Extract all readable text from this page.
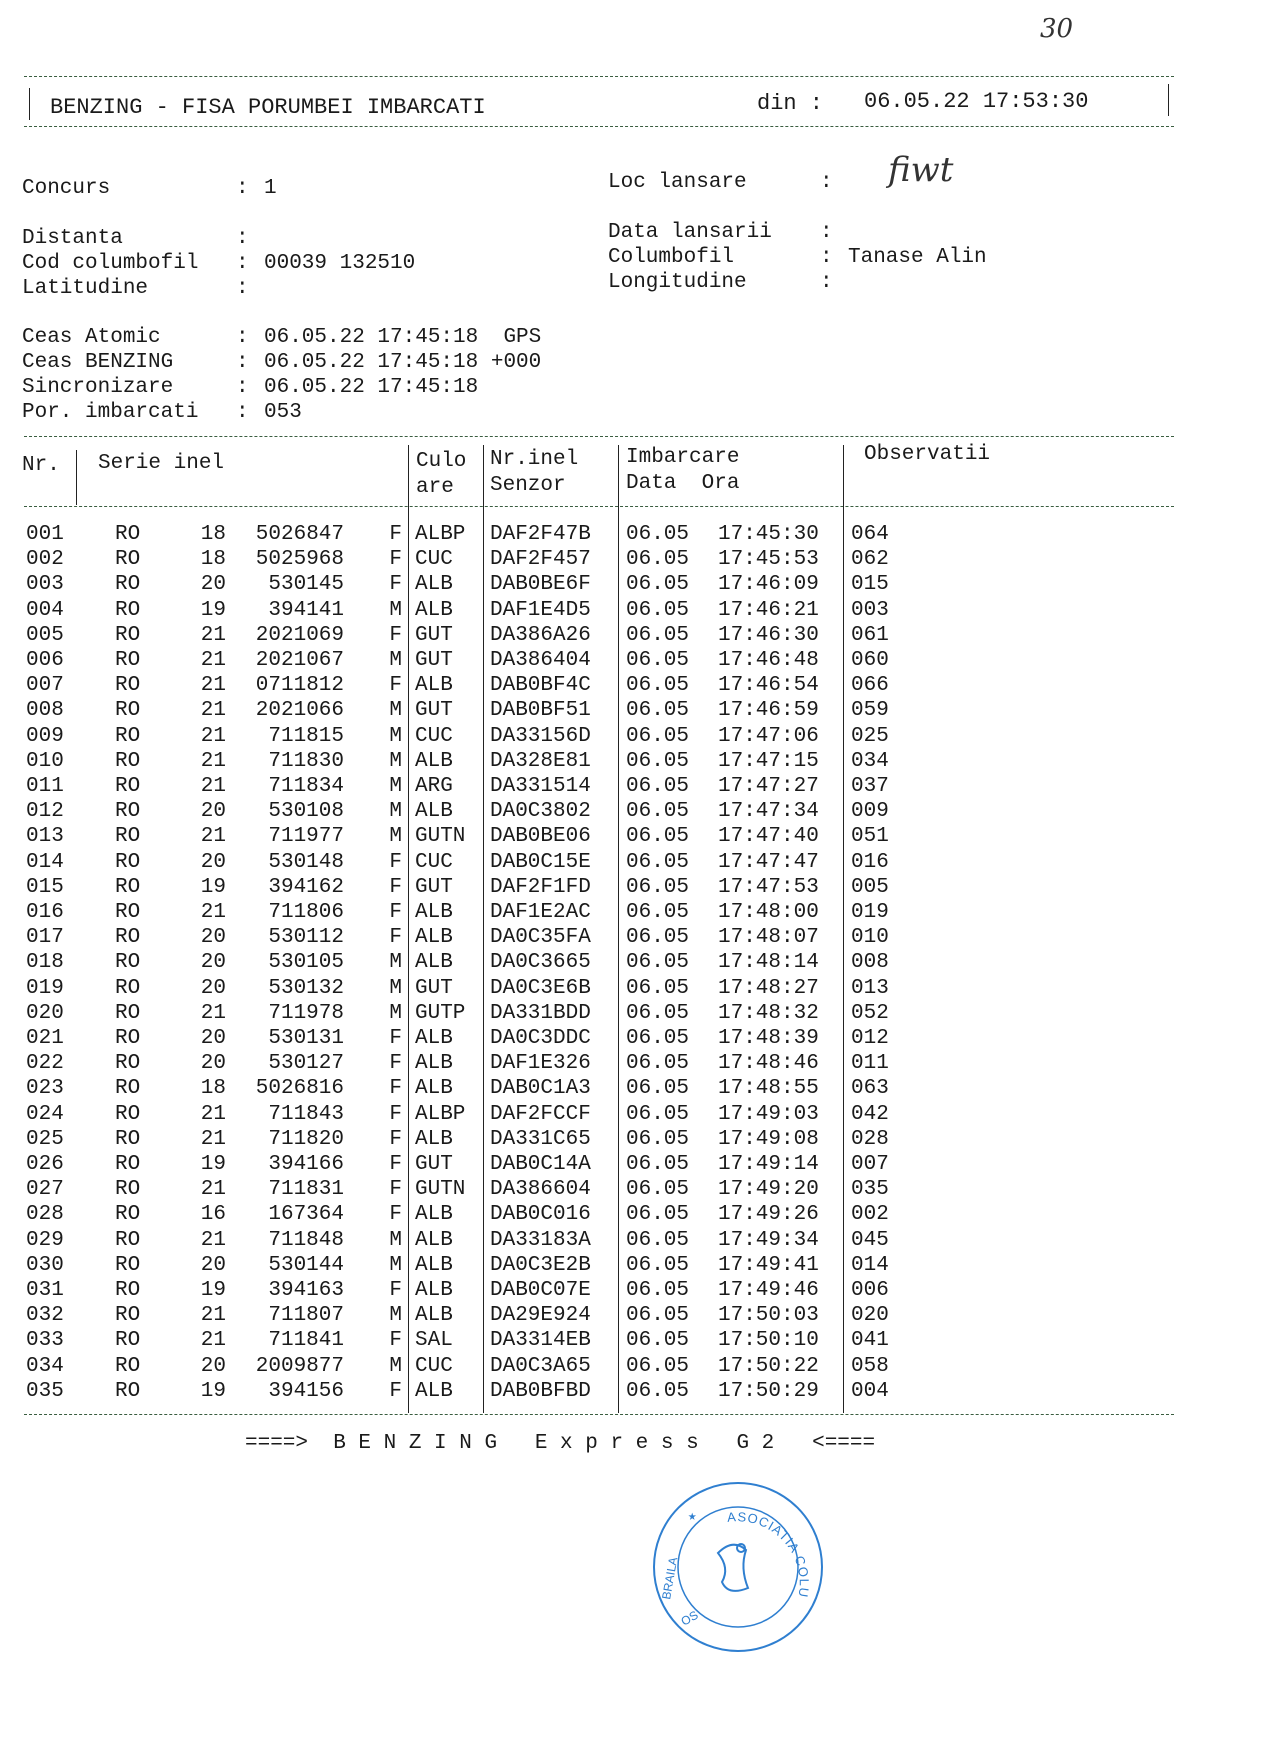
30
BENZING - FISA PORUMBEI IMBARCATI	din : 06.05.22 17:53:30
Concurs	: 1
Distanta	:
Cod columbofil : 00039 132510
Latitudine	:
Ceas Atomic	: 06.05.22 17:45:18  GPS
Ceas BENZING	: 06.05.22 17:45:18 +000
Sincronizare	: 06.05.22 17:45:18
Por. imbarcati : 053
Loc lansare	:
Data lansarii :
Columbofil	: Tanase Alin
Longitudine	:
fiwt
Nr. Serie inel	Culo
are
Nr.inel
Senzor
Imbarcare
Data  Ora
Observatii
001 RO	18	5026847	F ALBP DAF2F47B 06.05 17:45:30 064
002 RO	18	5025968	F CUC DAF2F457 06.05 17:45:53 062
003 RO	20	530145	F ALB DAB0BE6F 06.05 17:46:09 015
004 RO	19	394141	M ALB DAF1E4D5 06.05 17:46:21 003
005 RO	21	2021069	F GUT DA386A26 06.05 17:46:30 061
006 RO	21	2021067	M GUT DA386404 06.05 17:46:48 060
007 RO	21	0711812	F ALB DAB0BF4C 06.05 17:46:54 066
008 RO	21	2021066	M GUT DAB0BF51 06.05 17:46:59 059
009 RO	21	711815	M CUC DA33156D 06.05 17:47:06 025
010 RO	21	711830	M ALB DA328E81 06.05 17:47:15 034
011 RO	21	711834	M ARG DA331514 06.05 17:47:27 037
012 RO	20	530108	M ALB DA0C3802 06.05 17:47:34 009
013 RO	21	711977	M GUTN DAB0BE06 06.05 17:47:40 051
014 RO	20	530148	F CUC DAB0C15E 06.05 17:47:47 016
015 RO	19	394162	F GUT DAF2F1FD 06.05 17:47:53 005
016 RO	21	711806	F ALB DAF1E2AC 06.05 17:48:00 019
017 RO	20	530112	F ALB DA0C35FA 06.05 17:48:07 010
018 RO	20	530105	M ALB DA0C3665 06.05 17:48:14 008
019 RO	20	530132	M GUT DA0C3E6B 06.05 17:48:27 013
020 RO	21	711978	M GUTP DA331BDD 06.05 17:48:32 052
021 RO	20	530131	F ALB DA0C3DDC 06.05 17:48:39 012
022 RO	20	530127	F ALB DAF1E326 06.05 17:48:46 011
023 RO	18	5026816	F ALB DAB0C1A3 06.05 17:48:55 063
024 RO	21	711843	F ALBP DAF2FCCF 06.05 17:49:03 042
025 RO	21	711820	F ALB DA331C65 06.05 17:49:08 028
026 RO	19	394166	F GUT DAB0C14A 06.05 17:49:14 007
027 RO	21	711831	F GUTN DA386604 06.05 17:49:20 035
028 RO	16	167364	F ALB DAB0C016 06.05 17:49:26 002
029 RO	21	711848	M ALB DA33183A 06.05 17:49:34 045
030 RO	20	530144	M ALB DA0C3E2B 06.05 17:49:41 014
031 RO	19	394163	F ALB DAB0C07E 06.05 17:49:46 006
032 RO	21	711807	M ALB DA29E924 06.05 17:50:03 020
033 RO	21	711841	F SAL DA3314EB 06.05 17:50:10 041
034 RO	20	2009877	M CUC DA0C3A65 06.05 17:50:22 058
035 RO	19	394156	F ALB DAB0BFBD 06.05 17:50:29 004
====>  B E N Z I N G   E x p r e s s   G 2   <====
ASOCIATIA COLU
BRAILA
OS
★
